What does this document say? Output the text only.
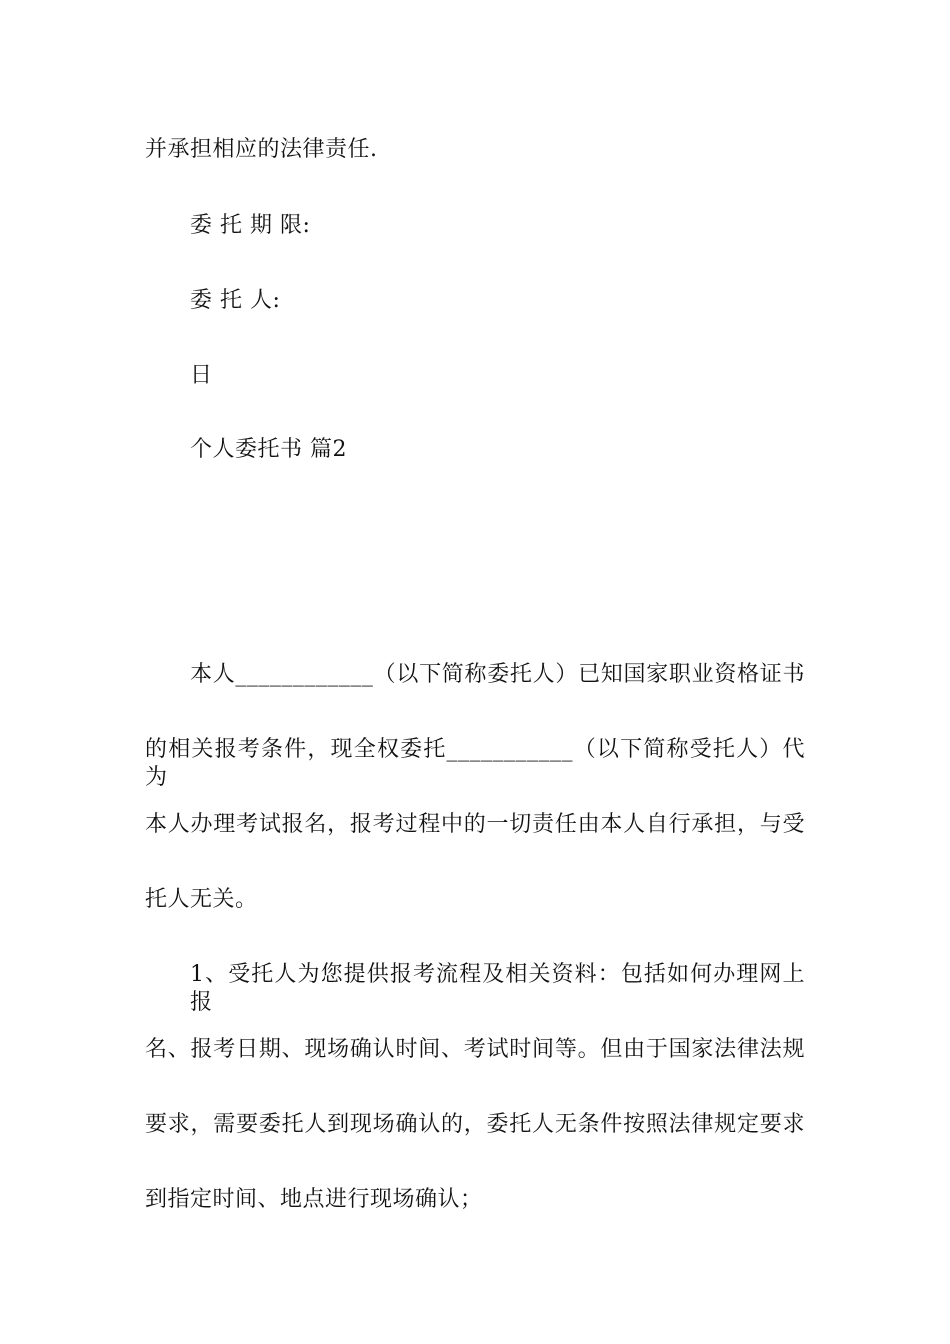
并承担相应的法律责任.
委 托 期 限:
委 托 人:
日
个人委托书 篇2
本人____________（以下简称委托人）已知国家职业资格证书
的相关报考条件，现全权委托___________（以下简称受托人）代为
本人办理考试报名，报考过程中的一切责任由本人自行承担，与受
托人无关。
1、受托人为您提供报考流程及相关资料：包括如何办理网上报
名、报考日期、现场确认时间、考试时间等。但由于国家法律法规
要求，需要委托人到现场确认的，委托人无条件按照法律规定要求
到指定时间、地点进行现场确认；
